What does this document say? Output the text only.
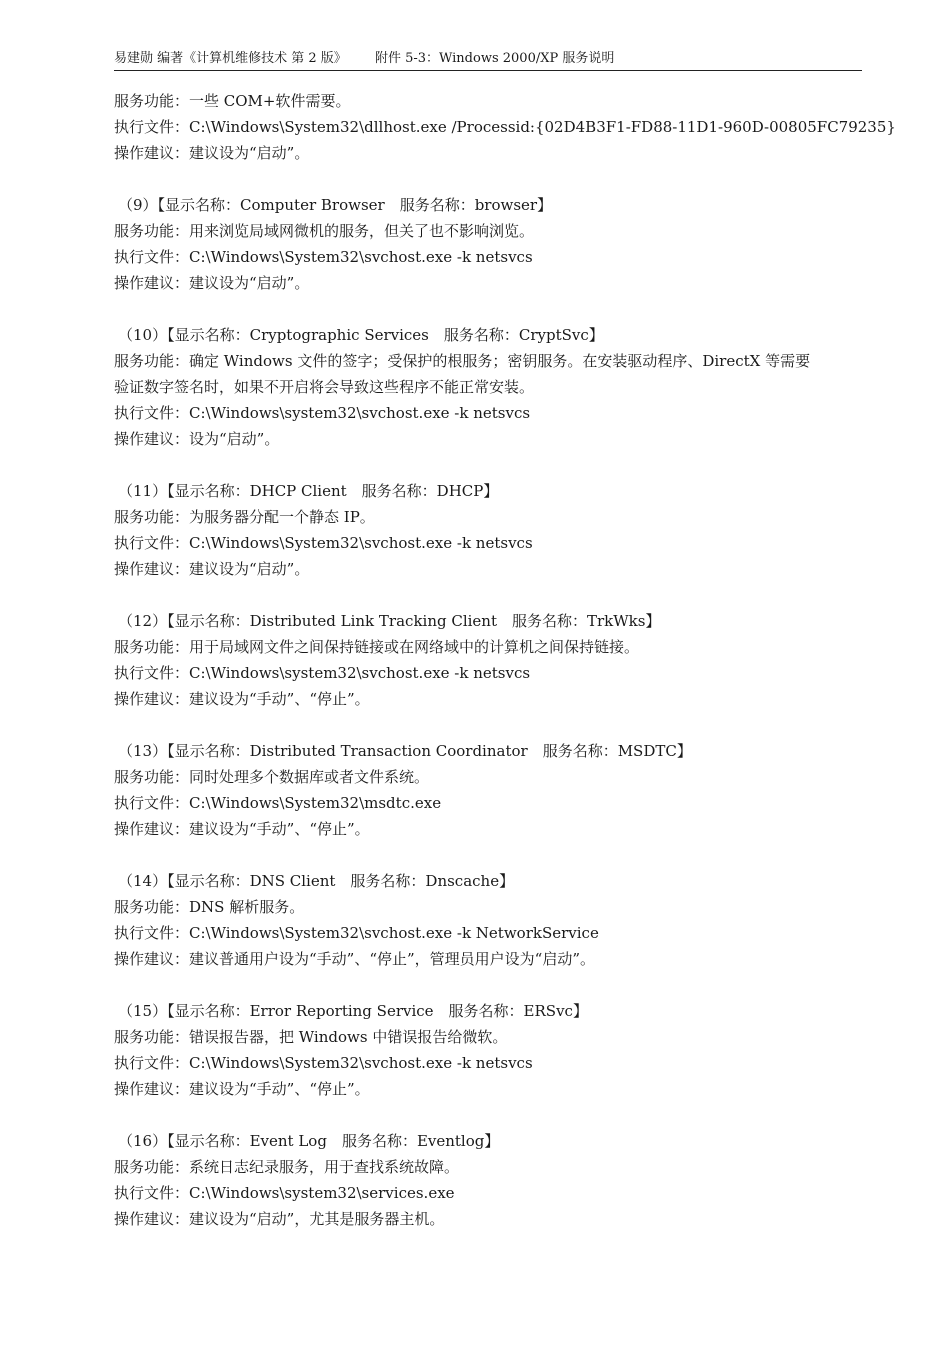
易建勋 编著《计算机维修技术 第 2 版》 附件 5-3：Windows 2000/XP 服务说明
服务功能：一些 COM+软件需要。
执行文件：C:\Windows\System32\dllhost.exe /Processid:{02D4B3F1-FD88-11D1-960D-00805FC79235}
操作建议：建议设为“启动”。
（9）【显示名称：Computer Browser　服务名称：browser】
服务功能：用来浏览局域网微机的服务，但关了也不影响浏览。
执行文件：C:\Windows\System32\svchost.exe -k netsvcs
操作建议：建议设为“启动”。
（10）【显示名称：Cryptographic Services　服务名称：CryptSvc】
服务功能：确定 Windows 文件的签字；受保护的根服务；密钥服务。在安装驱动程序、DirectX 等需要
验证数字签名时，如果不开启将会导致这些程序不能正常安装。
执行文件：C:\Windows\system32\svchost.exe -k netsvcs
操作建议：设为“启动”。
（11）【显示名称：DHCP Client　服务名称：DHCP】
服务功能：为服务器分配一个静态 IP。
执行文件：C:\Windows\System32\svchost.exe -k netsvcs
操作建议：建议设为“启动”。
（12）【显示名称：Distributed Link Tracking Client　服务名称：TrkWks】
服务功能：用于局域网文件之间保持链接或在网络域中的计算机之间保持链接。
执行文件：C:\Windows\system32\svchost.exe -k netsvcs
操作建议：建议设为“手动”、“停止”。
（13）【显示名称：Distributed Transaction Coordinator　服务名称：MSDTC】
服务功能：同时处理多个数据库或者文件系统。
执行文件：C:\Windows\System32\msdtc.exe
操作建议：建议设为“手动”、“停止”。
（14）【显示名称：DNS Client　服务名称：Dnscache】
服务功能：DNS 解析服务。
执行文件：C:\Windows\System32\svchost.exe -k NetworkService
操作建议：建议普通用户设为“手动”、“停止”，管理员用户设为“启动”。
（15）【显示名称：Error Reporting Service　服务名称：ERSvc】
服务功能：错误报告器，把 Windows 中错误报告给微软。
执行文件：C:\Windows\System32\svchost.exe -k netsvcs
操作建议：建议设为“手动”、“停止”。
（16）【显示名称：Event Log　服务名称：Eventlog】
服务功能：系统日志纪录服务，用于查找系统故障。
执行文件：C:\Windows\system32\services.exe
操作建议：建议设为“启动”，尤其是服务器主机。
